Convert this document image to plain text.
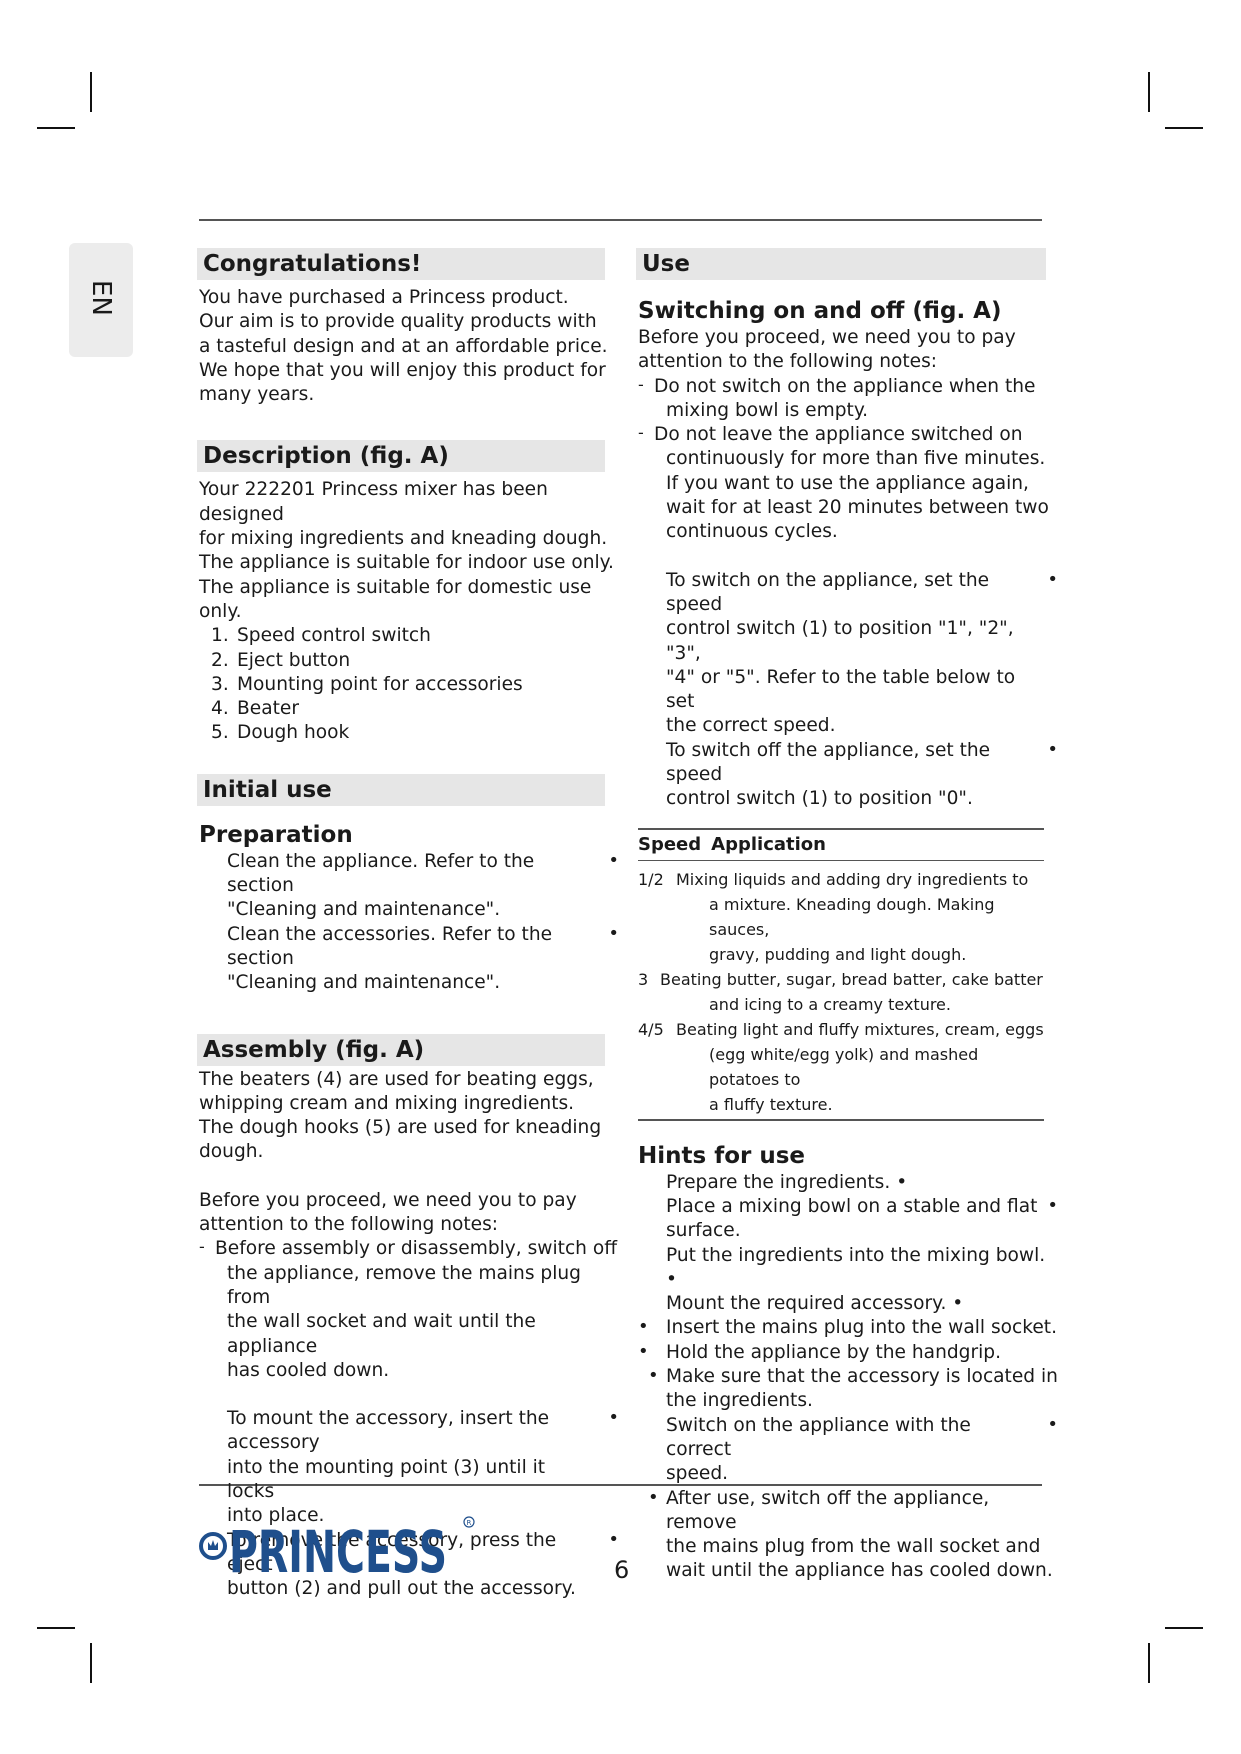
EN
Congratulations!

You have purchased a Princess product.

Our aim is to provide quality products with

a tasteful design and at an affordable price.

We hope that you will enjoy this product for

many years.

Description (fig. A)

Your 222201 Princess mixer has been designed

for mixing ingredients and kneading dough.

The appliance is suitable for indoor use only.

The appliance is suitable for domestic use only.

1. Speed control switch

2. Eject button

3. Mounting point for accessories

4. Beater

5. Dough hook

Initial use

Preparation

Clean the appliance. Refer to the section

"Cleaning and maintenance".

•

Clean the accessories. Refer to the section

"Cleaning and maintenance".

•
Assembly (fig. A)

The beaters (4) are used for beating eggs,

whipping cream and mixing ingredients.

The dough hooks (5) are used for kneading

dough.

Before you proceed, we need you to pay

attention to the following notes:

- Before assembly or disassembly, switch off

the appliance, remove the mains plug from

the wall socket and wait until the appliance

has cooled down.

To mount the accessory, insert the accessory

into the mounting point (3) until it locks

into place.

•

To remove the accessory, press the eject

button (2) and pull out the accessory.

•
Use

Switching on and off (fig. A)

Before you proceed, we need you to pay

attention to the following notes:

- Do not switch on the appliance when the

mixing bowl is empty.

- Do not leave the appliance switched on

continuously for more than five minutes.

If you want to use the appliance again,

wait for at least 20 minutes between two

continuous cycles.

To switch on the appliance, set the speed

control switch (1) to position "1", "2", "3",

"4" or "5". Refer to the table below to set

the correct speed.

•

To switch off the appliance, set the speed

control switch (1) to position "0".

•
Speed Application
1/2 Mixing liquids and adding dry ingredients to
a mixture. Kneading dough. Making sauces,
gravy, pudding and light dough.
3 Beating butter, sugar, bread batter, cake batter
and icing to a creamy texture.
4/5 Beating light and fluffy mixtures, cream, eggs
(egg white/egg yolk) and mashed potatoes to
a fluffy texture.

Hints for use

Prepare the ingredients. •

Place a mixing bowl on a stable and flat

surface.

•

Put the ingredients into the mixing bowl. •

Mount the required accessory. •

• Insert the mains plug into the wall socket.

• Hold the appliance by the handgrip.

• Make sure that the accessory is located in

the ingredients.

Switch on the appliance with the correct

speed.

•
• After use, switch off the appliance, remove

the mains plug from the wall socket and

wait until the appliance has cooled down.

PRINCESS	R
6
